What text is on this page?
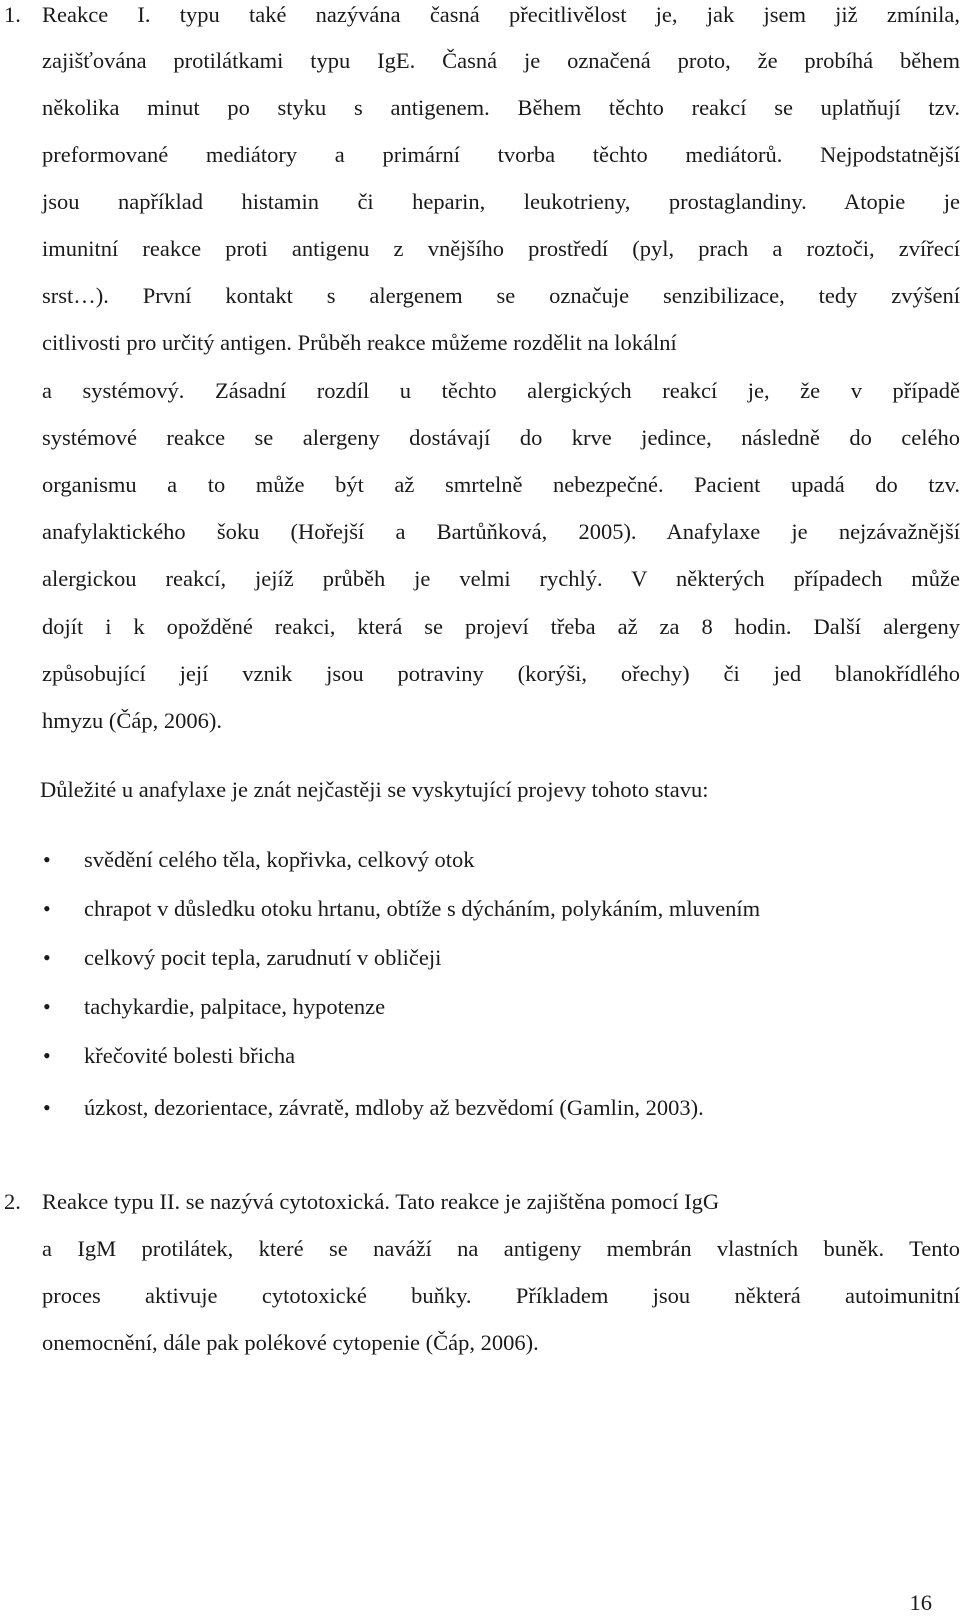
1. Reakce I. typu také nazývána časná přecitlivělost je, jak jsem již zmínila,
zajišťována protilátkami typu IgE. Časná je označená proto, že probíhá během
několika minut po styku s antigenem. Během těchto reakcí se uplatňují tzv.
preformované mediátory a primární tvorba těchto mediátorů. Nejpodstatnější
jsou například histamin či heparin, leukotrieny, prostaglandiny. Atopie je
imunitní reakce proti antigenu z vnějšího prostředí (pyl, prach a roztoči, zvířecí
srst…). První kontakt s alergenem se označuje senzibilizace, tedy zvýšení
citlivosti pro určitý antigen. Průběh reakce můžeme rozdělit na lokální
a systémový. Zásadní rozdíl u těchto alergických reakcí je, že v případě
systémové reakce se alergeny dostávají do krve jedince, následně do celého
organismu a to může být až smrtelně nebezpečné. Pacient upadá do tzv.
anafylaktického šoku (Hořejší a Bartůňková, 2005). Anafylaxe je nejzávažnější
alergickou reakcí, jejíž průběh je velmi rychlý. V některých případech může
dojít i k opožděné reakci, která se projeví třeba až za 8 hodin. Další alergeny
způsobující její vznik jsou potraviny (korýši, ořechy) či jed blanokřídlého
hmyzu (Čáp, 2006).
Důležité u anafylaxe je znát nejčastěji se vyskytující projevy tohoto stavu:
• svědění celého těla, kopřivka, celkový otok
• chrapot v důsledku otoku hrtanu, obtíže s dýcháním, polykáním, mluvením
• celkový pocit tepla, zarudnutí v obličeji
• tachykardie, palpitace, hypotenze
• křečovité bolesti břicha
• úzkost, dezorientace, závratě, mdloby až bezvědomí (Gamlin, 2003).
2. Reakce typu II. se nazývá cytotoxická. Tato reakce je zajištěna pomocí IgG
a IgM protilátek, které se naváží na antigeny membrán vlastních buněk. Tento
proces aktivuje cytotoxické buňky. Příkladem jsou některá autoimunitní
onemocnění, dále pak polékové cytopenie (Čáp, 2006).
16
